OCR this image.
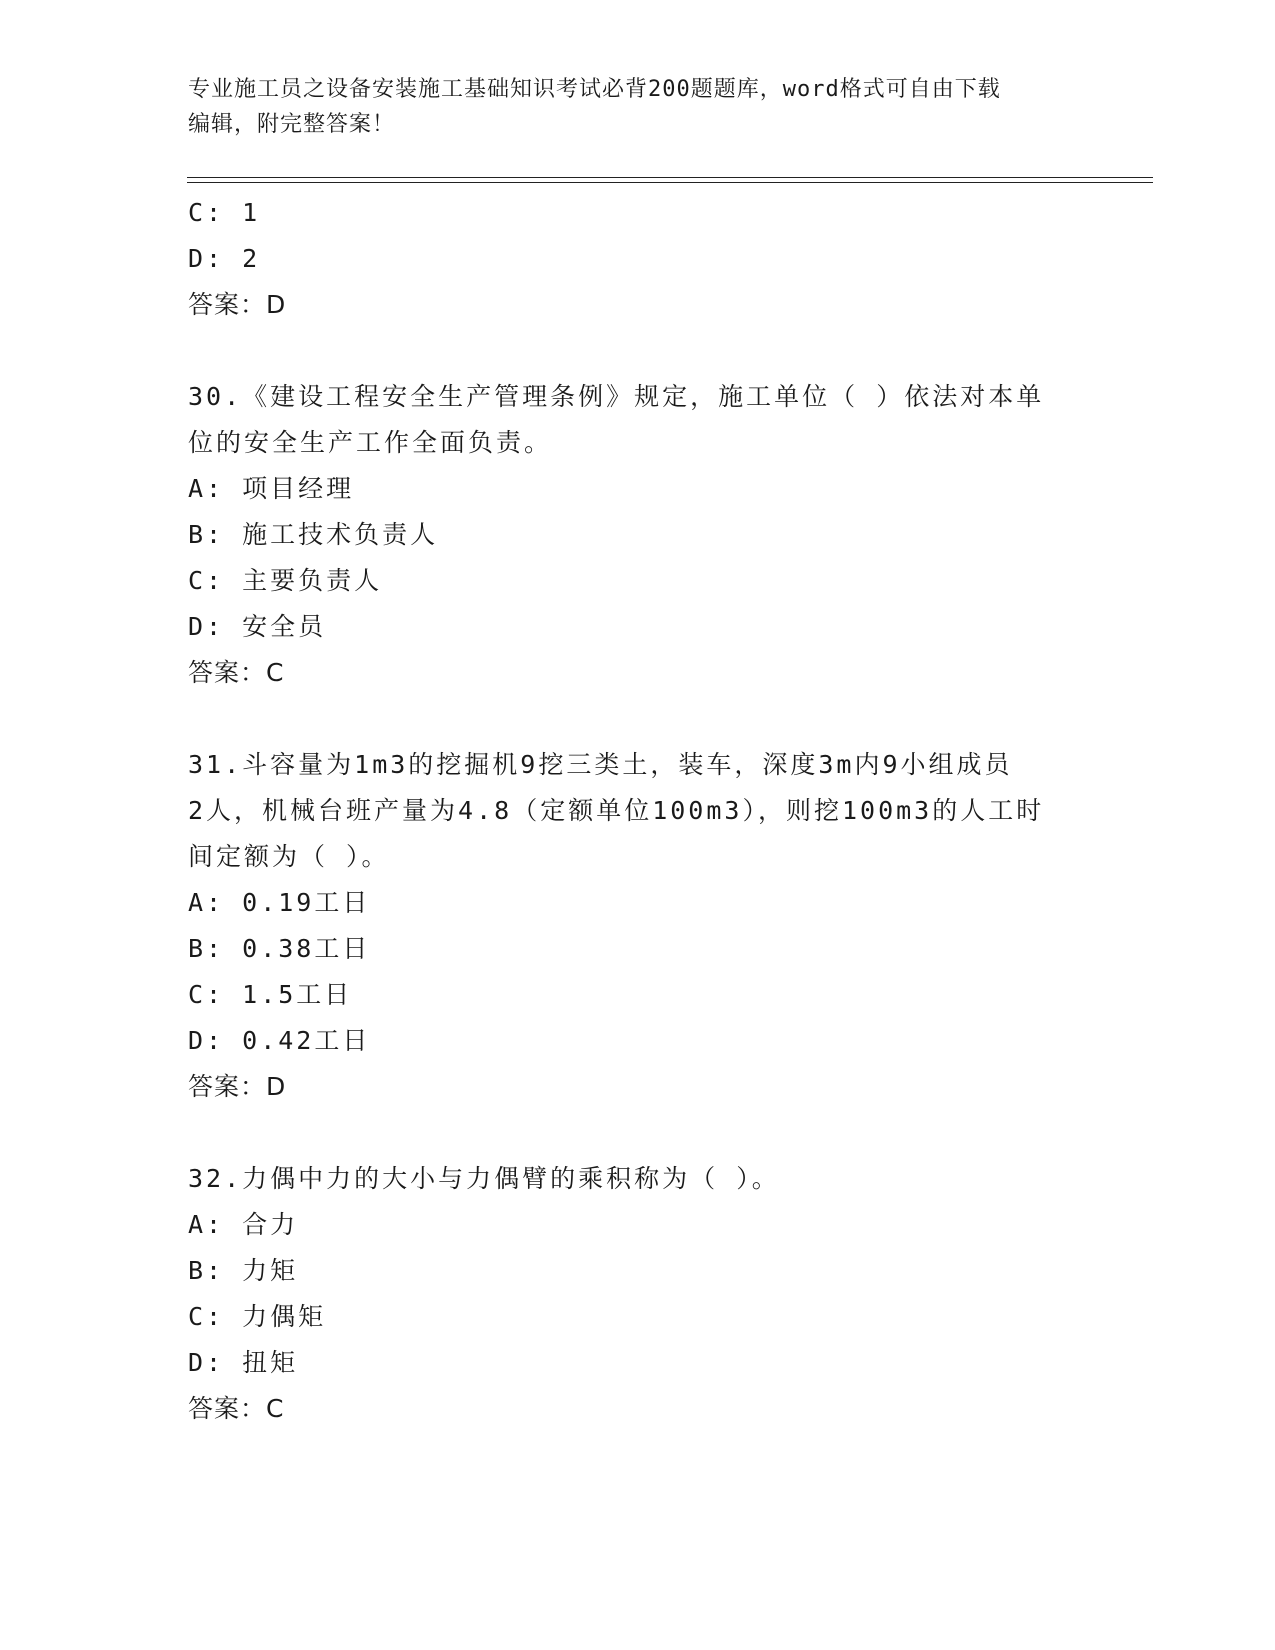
专业施工员之设备安装施工基础知识考试必背200题题库，word格式可自由下载
编辑，附完整答案！
C: 1
D: 2
答案：D
30.《建设工程安全生产管理条例》规定，施工单位（ ）依法对本单
位的安全生产工作全面负责。
A: 项目经理
B: 施工技术负责人
C: 主要负责人
D: 安全员
答案：C
31.斗容量为1m3的挖掘机9挖三类土，装车，深度3m内9小组成员
2人，机械台班产量为4.8（定额单位100m3），则挖100m3的人工时
间定额为（ ）。
A: 0.19工日
B: 0.38工日
C: 1.5工日
D: 0.42工日
答案：D
32.力偶中力的大小与力偶臂的乘积称为（ ）。
A: 合力
B: 力矩
C: 力偶矩
D: 扭矩
答案：C
